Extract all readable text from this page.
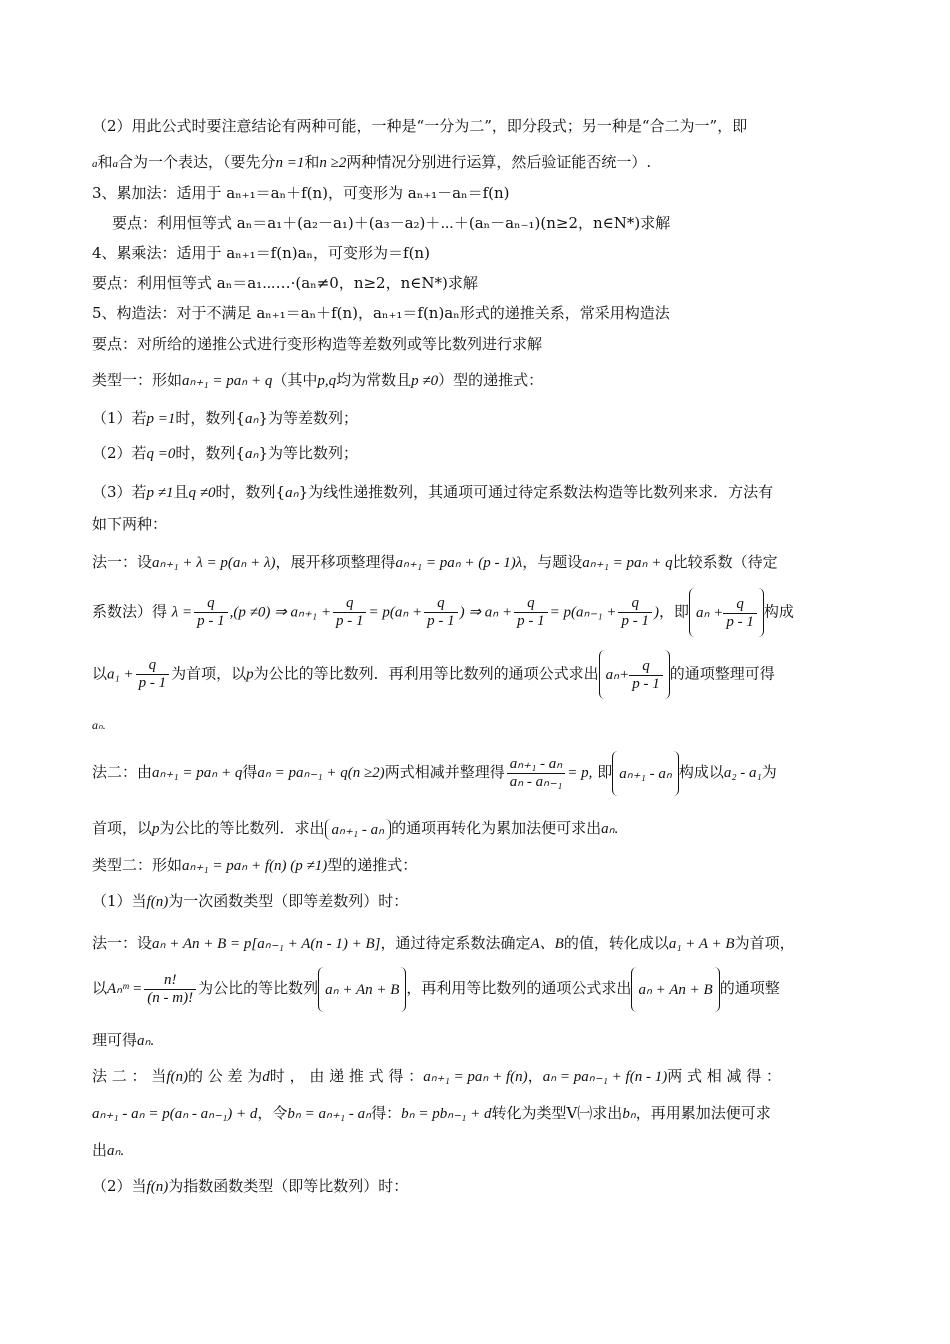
（2）用此公式时要注意结论有两种可能，一种是“一分为二”，即分段式；另一种是“合二为一”，即
a和a合为一个表达，（要先分n =1和n ≥2两种情况分别进行运算，然后验证能否统一）.
3、累加法：适用于 aₙ₊₁＝aₙ＋f(n)，可变形为 aₙ₊₁－aₙ＝f(n)
要点：利用恒等式 aₙ＝a₁＋(a₂－a₁)＋(a₃－a₂)＋⋯＋(aₙ－aₙ₋₁)(n≥2，n∈N*)求解
4、累乘法：适用于 aₙ₊₁＝f(n)aₙ，可变形为＝f(n)
要点：利用恒等式 aₙ＝a₁⋯…·(aₙ≠0，n≥2，n∈N*)求解
5、构造法：对于不满足 aₙ₊₁＝aₙ＋f(n)，aₙ₊₁＝f(n)aₙ形式的递推关系，常采用构造法
要点：对所给的递推公式进行变形构造等差数列或等比数列进行求解
类型一：形如aₙ₊₁ = paₙ + q（其中p,q均为常数且p ≠0）型的递推式：
（1）若p =1时，数列{aₙ}为等差数列；
（2）若q =0时，数列{aₙ}为等比数列；
（3）若p ≠1且q ≠0时，数列{aₙ}为线性递推数列，其通项可通过待定系数法构造等比数列来求．方法有
如下两种：
法一：设aₙ₊₁ + λ = p(aₙ + λ)，展开移项整理得aₙ₊₁ = paₙ + (p - 1)λ，与题设aₙ₊₁ = paₙ + q比较系数（待定
系数法）得 $\lambda = \frac{q}{p - 1} ,(p \ne 0)$ ⇒ $a_{n+1} + \frac{q}{p - 1} = p(a_n + \frac{q}{p - 1}$ ) ⇒ $a_n + \frac{q}{p - 1} = p(a_{n-1} + \frac{q}{p - 1}$ )，即 $a_n + \frac{q}{p - 1}$ 构成
以$a_1 + \frac{q}{p - 1}$ 为首项，以p为公比的等比数列．再利用等比数列的通项公式求出 $a_n+ \frac{q}{p - 1}$ 的通项整理可得
aₙ.
法二：由aₙ₊₁ = paₙ + q得aₙ = paₙ₋₁ + q(n ≥2)两式相减并整理得 $\frac{\text{aₙ₊₁ - aₙ}}{\text{aₙ - aₙ₋₁}} = p$, 即 aₙ₊₁ - aₙ 构成以a₂ - a₁为
首项，以p为公比的等比数列．求出 aₙ₊₁ - aₙ 的通项再转化为累加法便可求出aₙ.
类型二：形如aₙ₊₁ = paₙ + f(n) (p ≠1)型的递推式：
（1）当f(n)为一次函数类型（即等差数列）时：
法一：设aₙ + An + B = p[aₙ₋₁ + A(n - 1) + B]，通过待定系数法确定A、B的值，转化成以a₁ + A + B为首项，
以Aₙᵐ = $\frac{n!}{(n - m)!}$ 为公比的等比数列 aₙ + An + B ，再利用等比数列的通项公式求出 aₙ + An + B 的通项整
理可得aₙ.
法 二 ： 当f(n)的 公 差 为d时 ， 由 递 推 式 得 ：aₙ₊₁ = paₙ + f(n)，aₙ = paₙ₋₁ + f(n - 1)两 式 相 减 得 ：
aₙ₊₁ - aₙ = p(aₙ - aₙ₋₁) + d，令bₙ = aₙ₊₁ - aₙ得：bₙ = pbₙ₋₁ + d转化为类型Ⅴ㈠求出bₙ，再用累加法便可求
出aₙ.
（2）当f(n)为指数函数类型（即等比数列）时：
